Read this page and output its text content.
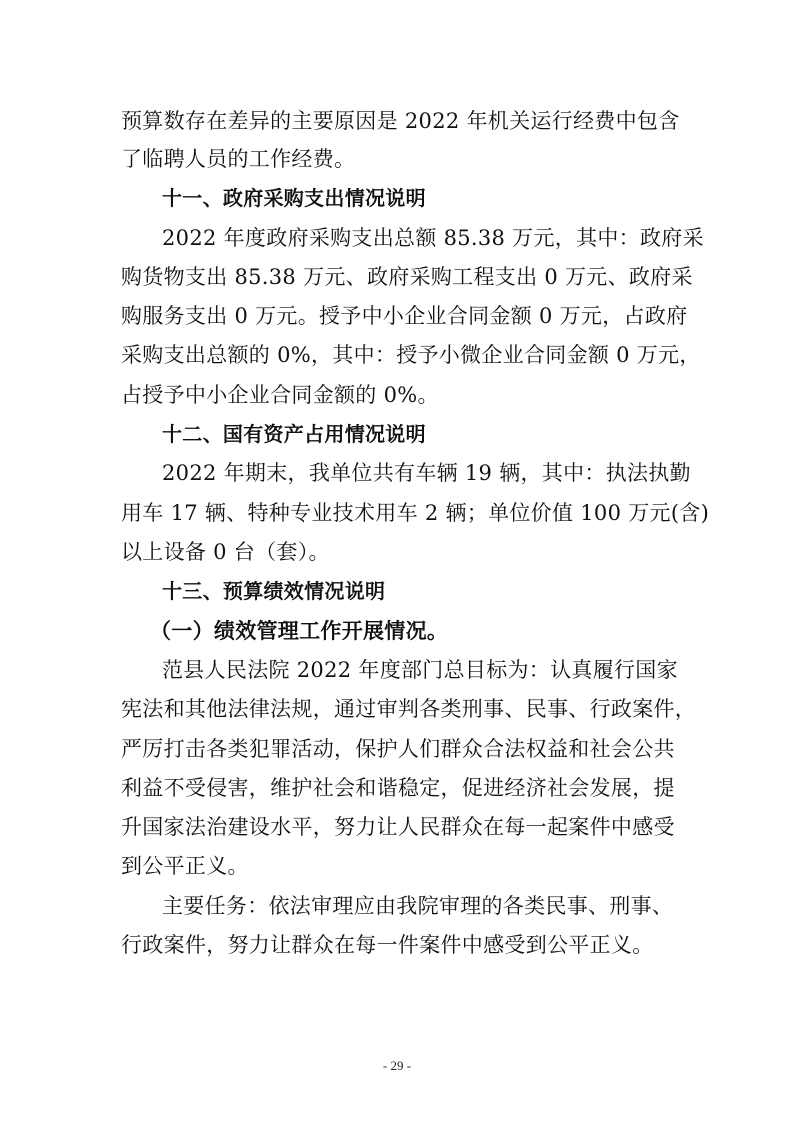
预算数存在差异的主要原因是 2022 年机关运行经费中包含
了临聘人员的工作经费。
十一、政府采购支出情况说明
2022 年度政府采购支出总额 85.38 万元，其中：政府采
购货物支出 85.38 万元、政府采购工程支出 0 万元、政府采
购服务支出 0 万元。授予中小企业合同金额 0 万元，占政府
采购支出总额的 0%，其中：授予小微企业合同金额 0 万元，
占授予中小企业合同金额的 0%。
十二、国有资产占用情况说明
2022 年期末，我单位共有车辆 19 辆，其中：执法执勤
用车 17 辆、特种专业技术用车 2 辆；单位价值 100 万元(含)
以上设备 0 台（套）。
十三、预算绩效情况说明
（一）绩效管理工作开展情况。
范县人民法院 2022 年度部门总目标为：认真履行国家
宪法和其他法律法规，通过审判各类刑事、民事、行政案件，
严厉打击各类犯罪活动，保护人们群众合法权益和社会公共
利益不受侵害，维护社会和谐稳定，促进经济社会发展，提
升国家法治建设水平，努力让人民群众在每一起案件中感受
到公平正义。
主要任务：依法审理应由我院审理的各类民事、刑事、
行政案件，努力让群众在每一件案件中感受到公平正义。
- 29 -
